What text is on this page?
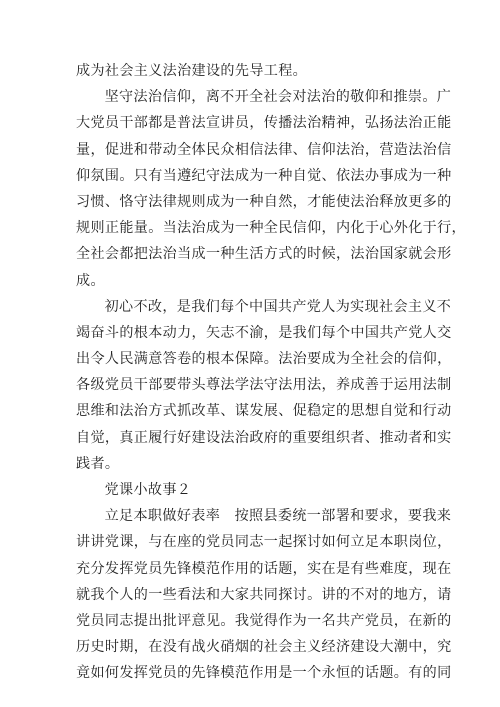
成为社会主义法治建设的先导工程。
坚守法治信仰，离不开全社会对法治的敬仰和推崇。广
大党员干部都是普法宣讲员，传播法治精神，弘扬法治正能
量，促进和带动全体民众相信法律、信仰法治，营造法治信
仰氛围。只有当遵纪守法成为一种自觉、依法办事成为一种
习惯、恪守法律规则成为一种自然，才能使法治释放更多的
规则正能量。当法治成为一种全民信仰，内化于心外化于行，
全社会都把法治当成一种生活方式的时候，法治国家就会形
成。
初心不改，是我们每个中国共产党人为实现社会主义不
竭奋斗的根本动力，矢志不渝，是我们每个中国共产党人交
出令人民满意答卷的根本保障。法治要成为全社会的信仰，
各级党员干部要带头尊法学法守法用法，养成善于运用法制
思维和法治方式抓改革、谋发展、促稳定的思想自觉和行动
自觉，真正履行好建设法治政府的重要组织者、推动者和实
践者。
党课小故事２
立足本职做好表率　按照县委统一部署和要求，要我来
讲讲党课，与在座的党员同志一起探讨如何立足本职岗位，
充分发挥党员先锋模范作用的话题，实在是有些难度，现在
就我个人的一些看法和大家共同探讨。讲的不对的地方，请
党员同志提出批评意见。我觉得作为一名共产党员，在新的
历史时期，在没有战火硝烟的社会主义经济建设大潮中，究
竟如何发挥党员的先锋模范作用是一个永恒的话题。有的同
